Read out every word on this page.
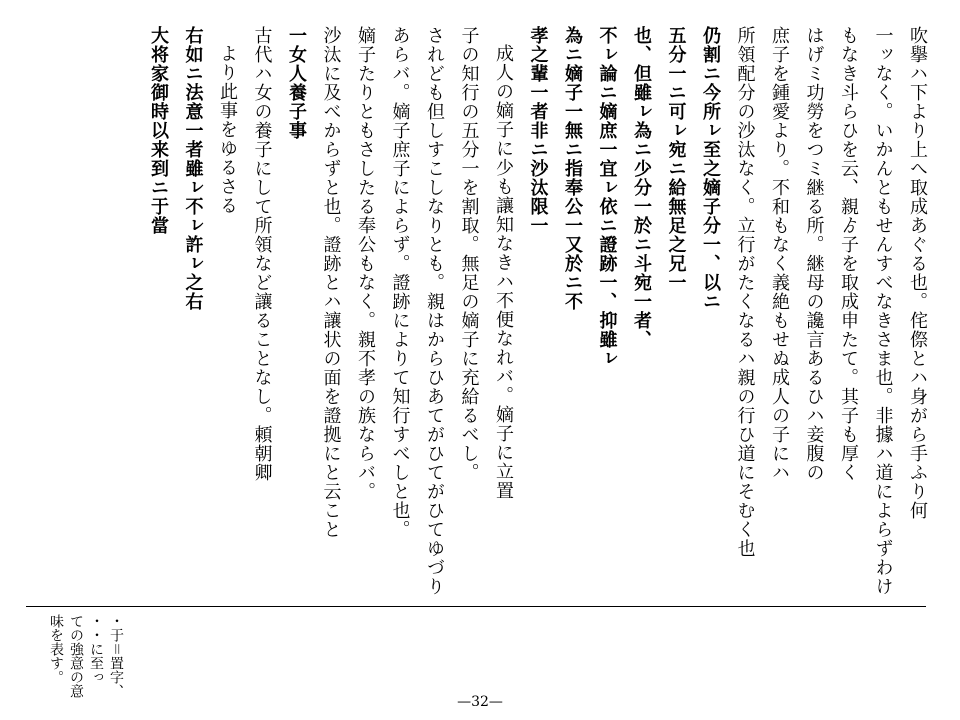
吹擧ハ下より上へ取成あぐる也。侘傺とハ身がら手ふり何
一ッなく。いかんともせんすべなきさま也。非據ハ道によらずわけ
もなき斗らひを云、親ゟ子を取成申たて。其子も厚く
はげミ功勞をつミ継る所。継母の讒言あるひハ妾腹の
庶子を鍾愛より。不和もなく義絶もせぬ成人の子にハ
所領配分の沙汰なく。立行がたくなるハ親の行ひ道にそむく也
仍割ニ今所ㇾ至之嫡子分一、以ニ
五分一ニ可ㇾ宛ニ給無足之兄一
也、但雖ㇾ為ニ少分一於ニ斗宛一者、
不ㇾ論ニ嫡庶一宜ㇾ依ニ證跡一、抑雖ㇾ
為ニ嫡子一無ニ指奉公一又於ニ不
孝之輩一者非ニ沙汰限一
成人の嫡子に少も讓知なきハ不便なれバ。嫡子に立置
子の知行の五分一を割取。無足の嫡子に充給るべし。
されども但しすこしなりとも。親はからひあてがひてがひてゆづり
あらバ。嫡子庶子によらず。證跡によりて知行すべしと也。
嫡子たりともさしたる奉公もなく。親不孝の族ならバ。
沙汰に及べからずと也。證跡とハ讓状の面を證拠にと云こと
一女人養子事
古代ハ女の養子にして所領など讓ることなし。頼朝卿
より此事をゆるさる
右如ニ法意一者雖ㇾ不ㇾ許ㇾ之右
大将家御時以来到ニ于當
・于＝置字、
・・に至っ
ての強意の意
味を表す。
—32—
